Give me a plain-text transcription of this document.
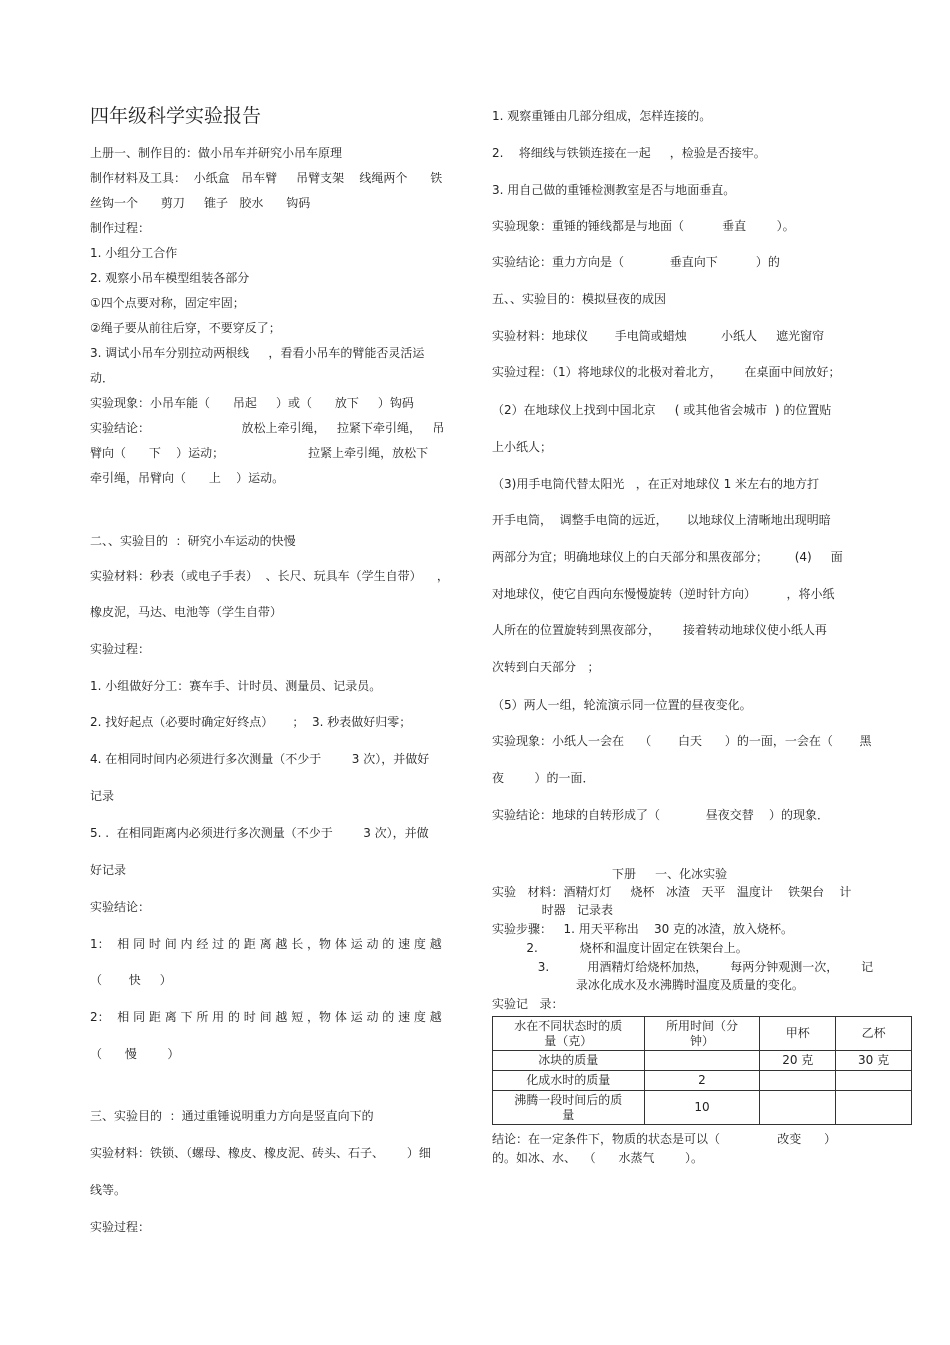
四年级科学实验报告
上册一、制作目的：做小吊车并研究小吊车原理
制作材料及工具：  小纸盒   吊车臂     吊臂支架    线绳两个      铁
丝钩一个      剪刀     锥子   胶水      钩码
制作过程：
1. 小组分工合作
2. 观察小吊车模型组装各部分
①四个点要对称，固定牢固；
②绳子要从前往后穿，不要穿反了；
3. 调试小吊车分别拉动两根线     ，看看小吊车的臂能否灵活运
动．
实验现象：小吊车能（      吊起     ）或（      放下     ）钩码
实验结论：                        放松上牵引绳，   拉紧下牵引绳，   吊
臂向（      下    ）运动；                      拉紧上牵引绳，放松下
牵引绳，吊臂向（      上    ）运动。
二、、实验目的  ：研究小车运动的快慢
实验材料：秒表（或电子手表）  、长尺、玩具车（学生自带）    ，
橡皮泥，马达、电池等（学生自带）
实验过程：
1. 小组做好分工：赛车手、计时员、测量员、记录员。
2. 找好起点（必要时确定好终点）     ；  3. 秒表做好归零；
4. 在相同时间内必须进行多次测量（不少于        3 次），并做好
记录
5. .  在相同距离内必须进行多次测量（不少于        3 次），并做
好记录
实验结论：
1：  相 同 时 间 内 经 过 的 距 离 越 长 ，物 体 运 动 的 速 度 越
（       快     ）
2：  相 同 距 离 下 所 用 的 时 间 越 短 ，物 体 运 动 的 速 度 越
（      慢        ）
三、实验目的  ：通过重锤说明重力方向是竖直向下的
实验材料：铁锁、（螺母、橡皮、橡皮泥、砖头、石子、      ）细
线等。
实验过程：
1. 观察重锤由几部分组成，怎样连接的。
2.    将细线与铁锁连接在一起     ，检验是否接牢。
3. 用自己做的重锤检测教室是否与地面垂直。
实验现象：重锤的锤线都是与地面（          垂直        ）。
实验结论：重力方向是（            垂直向下          ）的
五、、实验目的：模拟昼夜的成因
实验材料：地球仪       手电筒或蜡烛         小纸人     遮光窗帘
实验过程：（1）将地球仪的北极对着北方，      在桌面中间放好；
（2）在地球仪上找到中国北京     ( 或其他省会城市  ) 的位置贴
上小纸人；
（3)用手电筒代替太阳光   ，在正对地球仪 1 米左右的地方打
开手电筒，  调整手电筒的远近，     以地球仪上清晰地出现明暗
两部分为宜；明确地球仪上的白天部分和黑夜部分；       (4)     面
对地球仪，使它自西向东慢慢旋转（逆时针方向）        ，将小纸
人所在的位置旋转到黑夜部分，      接着转动地球仪使小纸人再
次转到白天部分   ；
（5）两人一组，轮流演示同一位置的昼夜变化。
实验现象：小纸人一会在    （       白天      ）的一面，一会在（       黑
夜        ）的一面．
实验结论：地球的自转形成了（            昼夜交替    ）的现象．
下册     一、化冰实验
实验   材料：酒精灯灯     烧杯   冰渣   天平   温度计    铁架台    计
时器   记录表
实验步骤：   1. 用天平称出    30 克的冰渣，放入烧杯。
2.           烧杯和温度计固定在铁架台上。
3.          用酒精灯给烧杯加热，      每两分钟观测一次，      记
录冰化成水及水沸腾时温度及质量的变化。
实验记   录：
水在不同状态时的质
量（克）	所用时间（分
钟）	甲杯	乙杯
冰块的质量		20 克	30 克
化成水时的质量	2		
沸腾一段时间后的质
量	10		
结论：在一定条件下，物质的状态是可以（               改变      ）
的。如冰、水、  （      水蒸气        ）。
